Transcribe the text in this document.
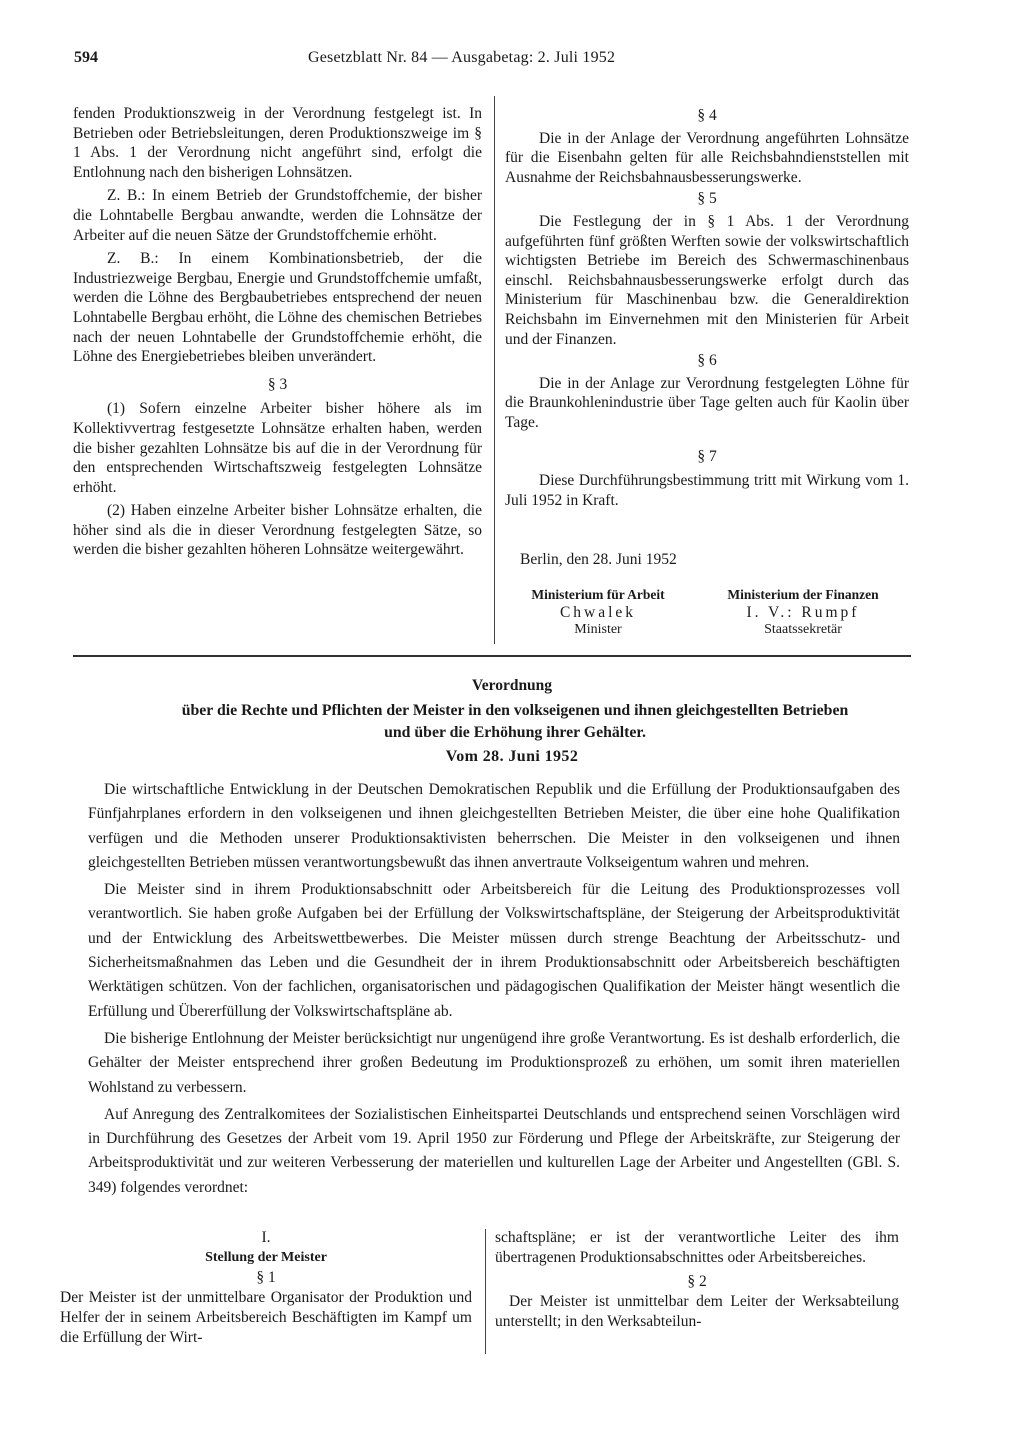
594	Gesetzblatt Nr. 84 — Ausgabetag: 2. Juli 1952

fenden Produktionszweig in der Verordnung festgelegt ist. In Betrieben oder Betriebsleitungen, deren Produktionszweige im § 1 Abs. 1 der Verordnung nicht angeführt sind, erfolgt die Entlohnung nach den bisherigen Lohnsätzen.

Z. B.: In einem Betrieb der Grundstoffchemie, der bisher die Lohntabelle Bergbau anwandte, werden die Lohnsätze der Arbeiter auf die neuen Sätze der Grundstoffchemie erhöht.

Z. B.: In einem Kombinationsbetrieb, der die Industriezweige Bergbau, Energie und Grundstoffchemie umfaßt, werden die Löhne des Bergbaubetriebes entsprechend der neuen Lohntabelle Bergbau erhöht, die Löhne des chemischen Betriebes nach der neuen Lohntabelle der Grundstoffchemie erhöht, die Löhne des Energiebetriebes bleiben unverändert.

§ 3

(1) Sofern einzelne Arbeiter bisher höhere als im Kollektivvertrag festgesetzte Lohnsätze erhalten haben, werden die bisher gezahlten Lohnsätze bis auf die in der Verordnung für den entsprechenden Wirtschaftszweig festgelegten Lohnsätze erhöht.

(2) Haben einzelne Arbeiter bisher Lohnsätze erhalten, die höher sind als die in dieser Verordnung festgelegten Sätze, so werden die bisher gezahlten höheren Lohnsätze weitergewährt.

§ 4

Die in der Anlage der Verordnung angeführten Lohnsätze für die Eisenbahn gelten für alle Reichsbahndienststellen mit Ausnahme der Reichsbahnausbesserungswerke.

§ 5

Die Festlegung der in § 1 Abs. 1 der Verordnung aufgeführten fünf größten Werften sowie der volkswirtschaftlich wichtigsten Betriebe im Bereich des Schwermaschinenbaus einschl. Reichsbahnausbesserungswerke erfolgt durch das Ministerium für Maschinenbau bzw. die Generaldirektion Reichsbahn im Einvernehmen mit den Ministerien für Arbeit und der Finanzen.

§ 6

Die in der Anlage zur Verordnung festgelegten Löhne für die Braunkohlenindustrie über Tage gelten auch für Kaolin über Tage.

§ 7

Diese Durchführungsbestimmung tritt mit Wirkung vom 1. Juli 1952 in Kraft.

Berlin, den 28. Juni 1952
Ministerium für Arbeit
Chwalek
Minister
Ministerium der Finanzen
I. V.: Rumpf
Staatssekretär
Verordnung
über die Rechte und Pflichten der Meister in den volkseigenen und ihnen gleichgestellten Betrieben
und über die Erhöhung ihrer Gehälter.
Vom 28. Juni 1952

Die wirtschaftliche Entwicklung in der Deutschen Demokratischen Republik und die Erfüllung der Produktionsaufgaben des Fünfjahrplanes erfordern in den volkseigenen und ihnen gleichgestellten Betrieben Meister, die über eine hohe Qualifikation verfügen und die Methoden unserer Produktionsaktivisten beherrschen. Die Meister in den volkseigenen und ihnen gleichgestellten Betrieben müssen verantwortungsbewußt das ihnen anvertraute Volkseigentum wahren und mehren.

Die Meister sind in ihrem Produktionsabschnitt oder Arbeitsbereich für die Leitung des Produktionsprozesses voll verantwortlich. Sie haben große Aufgaben bei der Erfüllung der Volkswirtschaftspläne, der Steigerung der Arbeitsproduktivität und der Entwicklung des Arbeitswettbewerbes. Die Meister müssen durch strenge Beachtung der Arbeitsschutz- und Sicherheitsmaßnahmen das Leben und die Gesundheit der in ihrem Produktionsabschnitt oder Arbeitsbereich beschäftigten Werktätigen schützen. Von der fachlichen, organisatorischen und pädagogischen Qualifikation der Meister hängt wesentlich die Erfüllung und Übererfüllung der Volkswirtschaftspläne ab.

Die bisherige Entlohnung der Meister berücksichtigt nur ungenügend ihre große Verantwortung. Es ist deshalb erforderlich, die Gehälter der Meister entsprechend ihrer großen Bedeutung im Produktionsprozeß zu erhöhen, um somit ihren materiellen Wohlstand zu verbessern.

Auf Anregung des Zentralkomitees der Sozialistischen Einheitspartei Deutschlands und entsprechend seinen Vorschlägen wird in Durchführung des Gesetzes der Arbeit vom 19. April 1950 zur Förderung und Pflege der Arbeitskräfte, zur Steigerung der Arbeitsproduktivität und zur weiteren Verbesserung der materiellen und kulturellen Lage der Arbeiter und Angestellten (GBl. S. 349) folgendes verordnet:

I.
Stellung der Meister
§ 1

Der Meister ist der unmittelbare Organisator der Produktion und Helfer der in seinem Arbeitsbereich Beschäftigten im Kampf um die Erfüllung der Wirt-

schaftspläne; er ist der verantwortliche Leiter des ihm übertragenen Produktionsabschnittes oder Arbeitsbereiches.

§ 2

Der Meister ist unmittelbar dem Leiter der Werksabteilung unterstellt; in den Werksabteilun-
